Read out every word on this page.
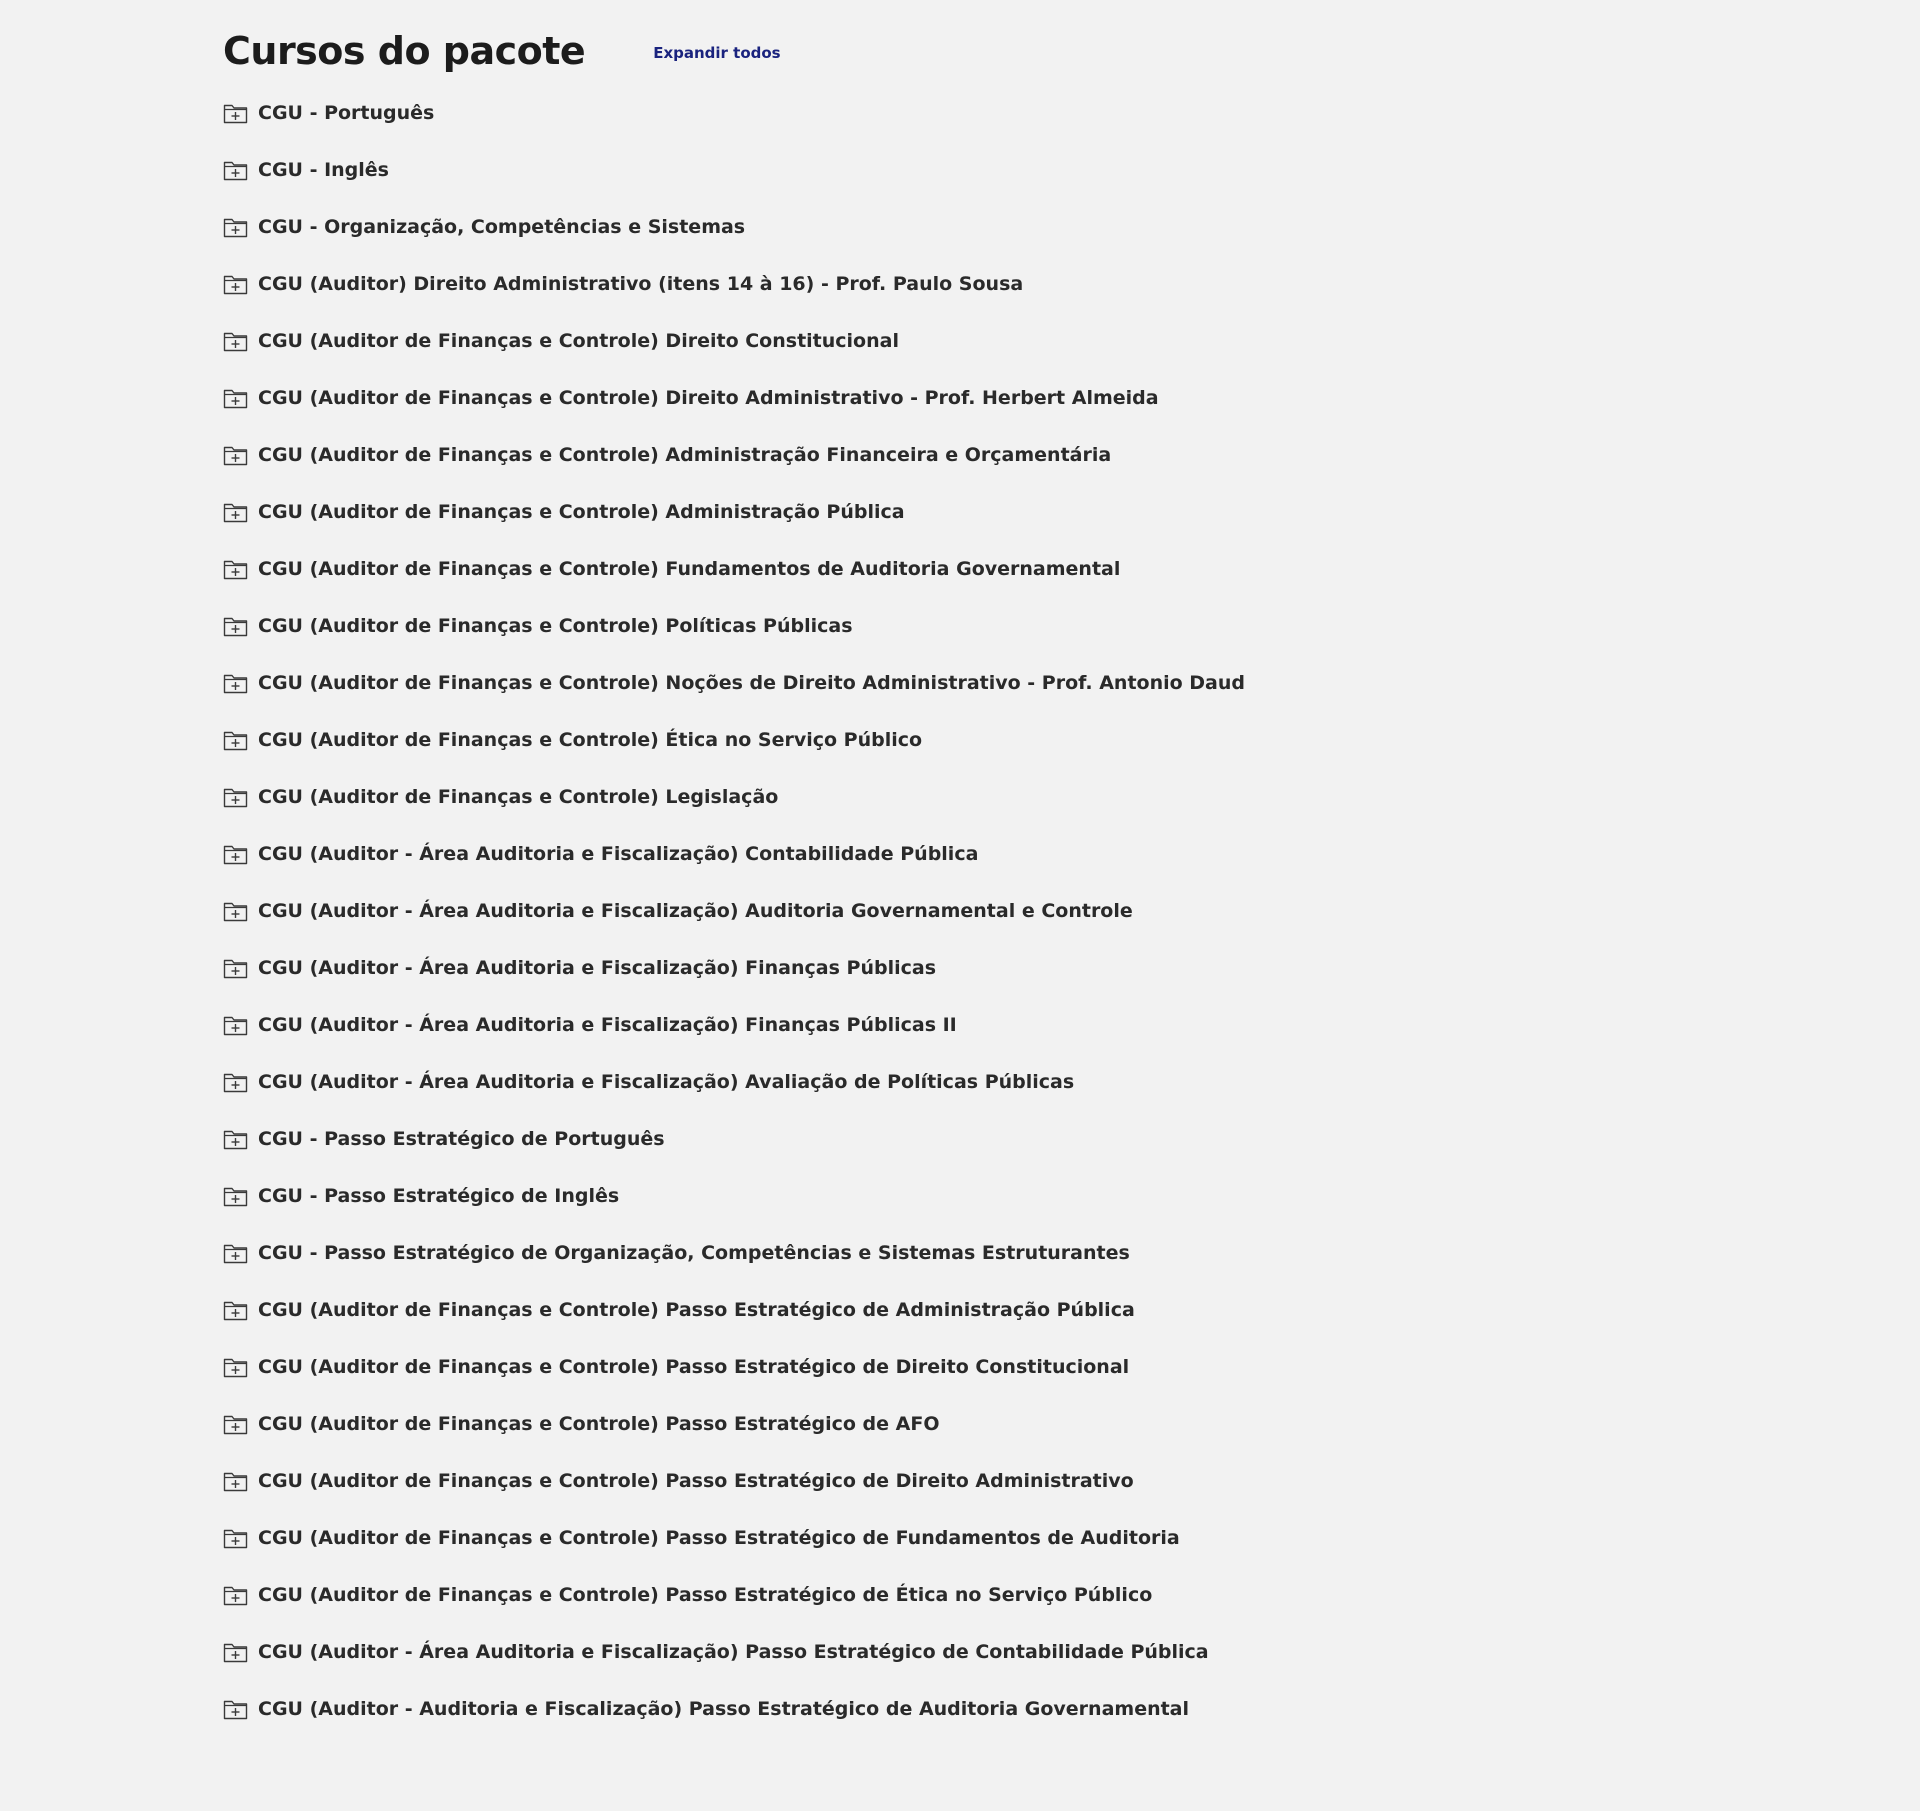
Cursos do pacote	Expandir todos
CGU - Português
CGU - Inglês
CGU - Organização, Competências e Sistemas
CGU (Auditor) Direito Administrativo (itens 14 à 16) - Prof. Paulo Sousa
CGU (Auditor de Finanças e Controle) Direito Constitucional
CGU (Auditor de Finanças e Controle) Direito Administrativo - Prof. Herbert Almeida
CGU (Auditor de Finanças e Controle) Administração Financeira e Orçamentária
CGU (Auditor de Finanças e Controle) Administração Pública
CGU (Auditor de Finanças e Controle) Fundamentos de Auditoria Governamental
CGU (Auditor de Finanças e Controle) Políticas Públicas
CGU (Auditor de Finanças e Controle) Noções de Direito Administrativo - Prof. Antonio Daud
CGU (Auditor de Finanças e Controle) Ética no Serviço Público
CGU (Auditor de Finanças e Controle) Legislação
CGU (Auditor - Área Auditoria e Fiscalização) Contabilidade Pública
CGU (Auditor - Área Auditoria e Fiscalização) Auditoria Governamental e Controle
CGU (Auditor - Área Auditoria e Fiscalização) Finanças Públicas
CGU (Auditor - Área Auditoria e Fiscalização) Finanças Públicas II
CGU (Auditor - Área Auditoria e Fiscalização) Avaliação de Políticas Públicas
CGU - Passo Estratégico de Português
CGU - Passo Estratégico de Inglês
CGU - Passo Estratégico de Organização, Competências e Sistemas Estruturantes
CGU (Auditor de Finanças e Controle) Passo Estratégico de Administração Pública
CGU (Auditor de Finanças e Controle) Passo Estratégico de Direito Constitucional
CGU (Auditor de Finanças e Controle) Passo Estratégico de AFO
CGU (Auditor de Finanças e Controle) Passo Estratégico de Direito Administrativo
CGU (Auditor de Finanças e Controle) Passo Estratégico de Fundamentos de Auditoria
CGU (Auditor de Finanças e Controle) Passo Estratégico de Ética no Serviço Público
CGU (Auditor - Área Auditoria e Fiscalização) Passo Estratégico de Contabilidade Pública
CGU (Auditor - Auditoria e Fiscalização) Passo Estratégico de Auditoria Governamental
